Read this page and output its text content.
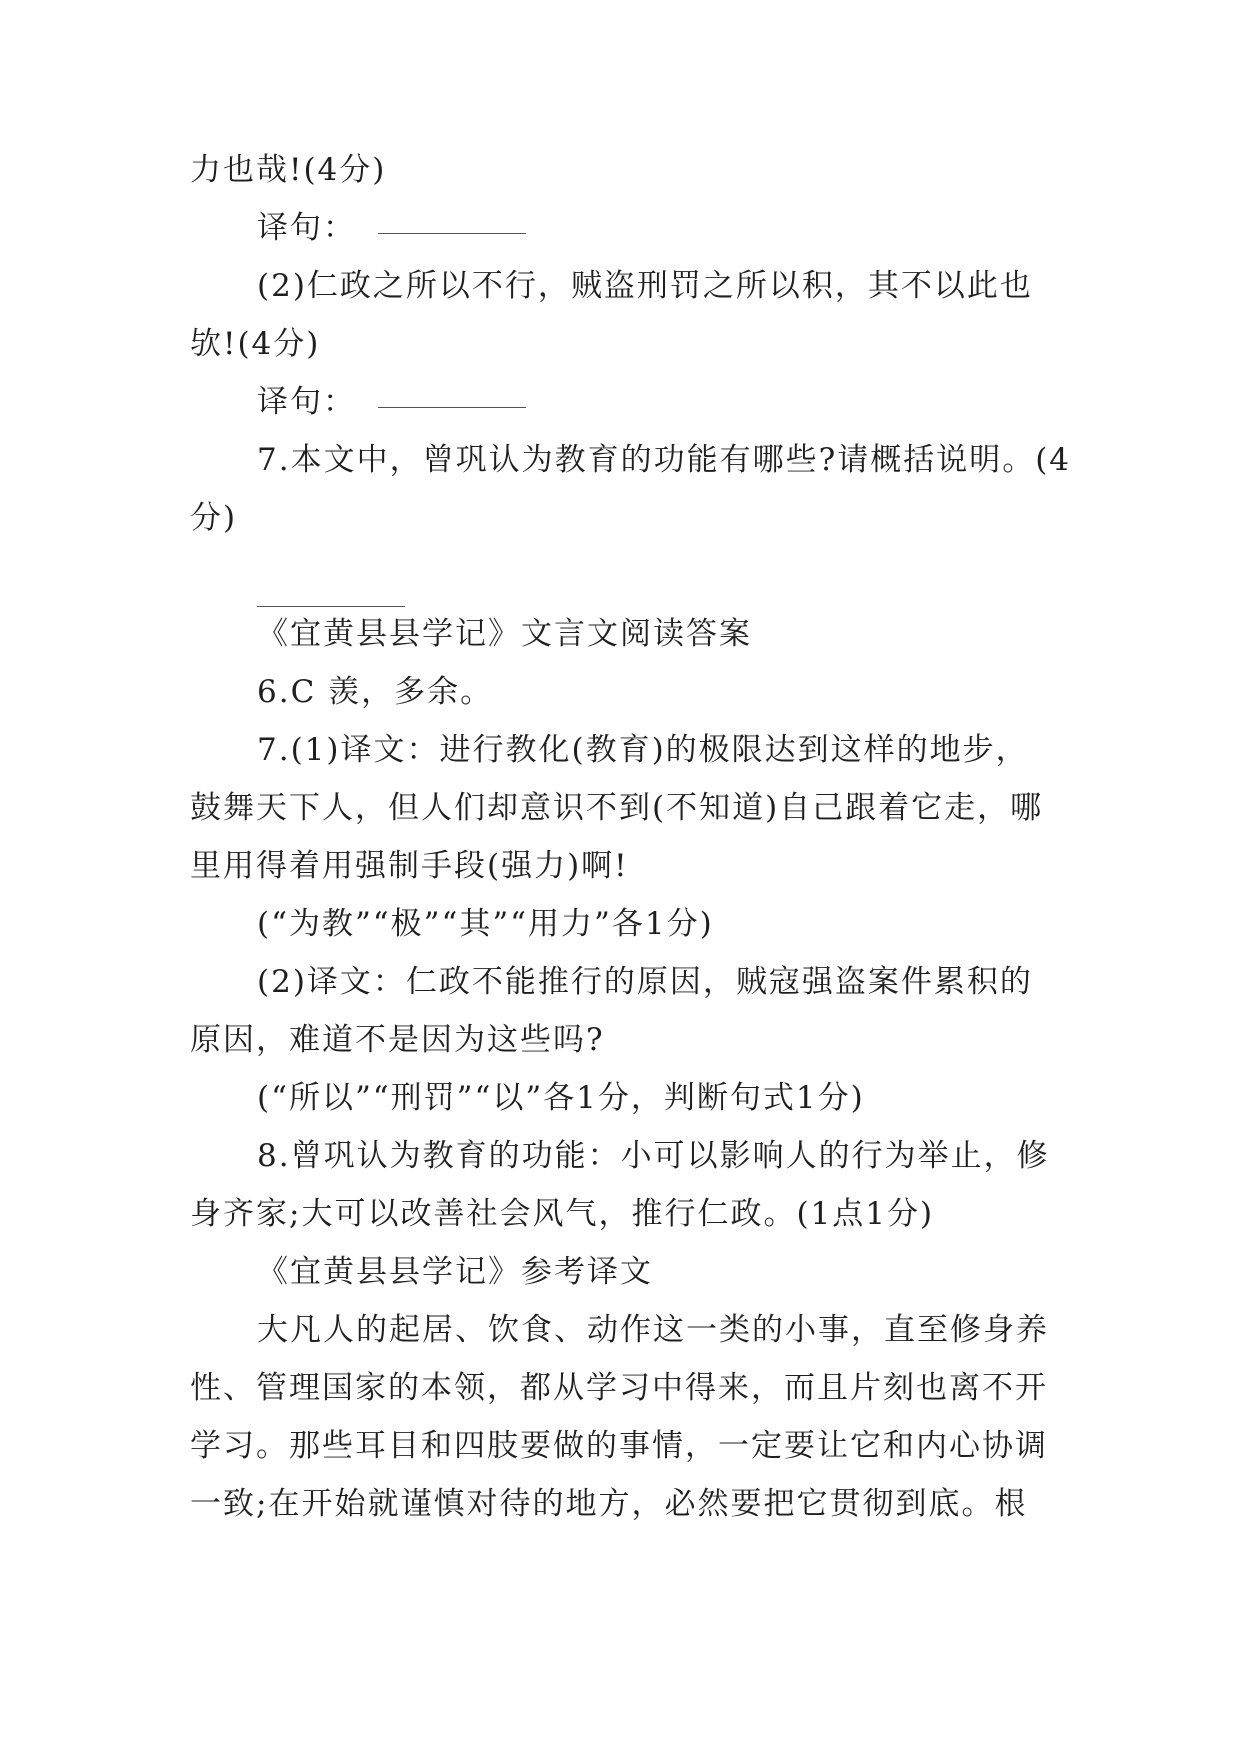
力也哉!(4分)
译句：
(2)仁政之所以不行，贼盗刑罚之所以积，其不以此也
欤!(4分)
译句：
7.本文中，曾巩认为教育的功能有哪些?请概括说明。(4
分)
《宜黄县县学记》文言文阅读答案
6.C 羡，多余。
7.(1)译文：进行教化(教育)的极限达到这样的地步，
鼓舞天下人，但人们却意识不到(不知道)自己跟着它走，哪
里用得着用强制手段(强力)啊!
(“为教”“极”“其”“用力”各1分)
(2)译文：仁政不能推行的原因，贼寇强盗案件累积的
原因，难道不是因为这些吗?
(“所以”“刑罚”“以”各1分，判断句式1分)
8.曾巩认为教育的功能：小可以影响人的行为举止，修
身齐家;大可以改善社会风气，推行仁政。(1点1分)
《宜黄县县学记》参考译文
大凡人的起居、饮食、动作这一类的小事，直至修身养
性、管理国家的本领，都从学习中得来，而且片刻也离不开
学习。那些耳目和四肢要做的事情，一定要让它和内心协调
一致;在开始就谨慎对待的地方，必然要把它贯彻到底。根
